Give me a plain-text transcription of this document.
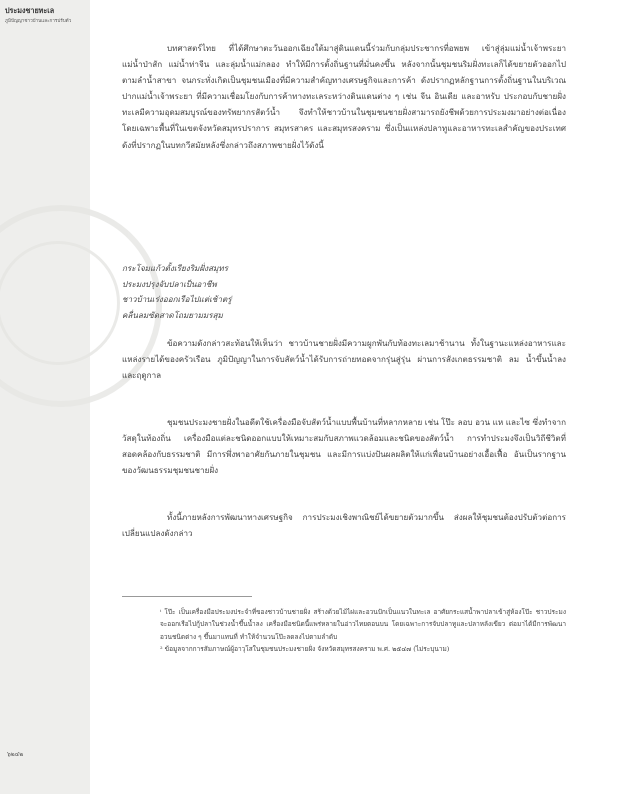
ประมงชายทะเล
ภูมิปัญญาชาวบ้านและการปรับตัว
๖๒๔๒

บทศาสตร์ไทย ที่ได้ศึกษาตะวันออกเฉียงใต้มาสู่ดินแดนนี้ร่วมกับกลุ่มประชากรที่อพยพ เข้าสู่ลุ่มแม่น้ำเจ้าพระยา แม่น้ำป่าสัก แม่น้ำท่าจีน และลุ่มน้ำแม่กลอง ทำให้มีการตั้งถิ่นฐานที่มั่นคงขึ้น หลังจากนั้นชุมชนริมฝั่งทะเลก็ได้ขยายตัวออกไปตามลำน้ำสาขา จนกระทั่งเกิดเป็นชุมชนเมืองที่มีความสำคัญทางเศรษฐกิจและการค้า ดังปรากฏหลักฐานการตั้งถิ่นฐานในบริเวณปากแม่น้ำเจ้าพระยา ที่มีความเชื่อมโยงกับการค้าทางทะเลระหว่างดินแดนต่าง ๆ เช่น จีน อินเดีย และอาหรับ ประกอบกับชายฝั่งทะเลมีความอุดมสมบูรณ์ของทรัพยากรสัตว์น้ำ จึงทำให้ชาวบ้านในชุมชนชายฝั่งสามารถยังชีพด้วยการประมงมาอย่างต่อเนื่อง โดยเฉพาะพื้นที่ในเขตจังหวัดสมุทรปราการ สมุทรสาคร และสมุทรสงคราม ซึ่งเป็นแหล่งปลาทูและอาหารทะเลสำคัญของประเทศ ดังที่ปรากฏในบทกวีสมัยหลังซึ่งกล่าวถึงสภาพชายฝั่งไว้ดังนี้

กระโจมแก้วตั้งเรียงริมฝั่งสมุทร
ประมงปรุงจับปลาเป็นอาชีพ
ชาวบ้านเร่งออกเรือไปแต่เช้าตรู่
คลื่นลมซัดสาดโถมยามมรสุม

ข้อความดังกล่าวสะท้อนให้เห็นว่า ชาวบ้านชายฝั่งมีความผูกพันกับท้องทะเลมาช้านาน ทั้งในฐานะแหล่งอาหารและแหล่งรายได้ของครัวเรือน ภูมิปัญญาในการจับสัตว์น้ำได้รับการถ่ายทอดจากรุ่นสู่รุ่น ผ่านการสังเกตธรรมชาติ ลม น้ำขึ้นน้ำลง และฤดูกาล

ชุมชนประมงชายฝั่งในอดีตใช้เครื่องมือจับสัตว์น้ำแบบพื้นบ้านที่หลากหลาย เช่น โป๊ะ ลอบ อวน แห และไซ ซึ่งทำจากวัสดุในท้องถิ่น เครื่องมือแต่ละชนิดออกแบบให้เหมาะสมกับสภาพแวดล้อมและชนิดของสัตว์น้ำ การทำประมงจึงเป็นวิถีชีวิตที่สอดคล้องกับธรรมชาติ มีการพึ่งพาอาศัยกันภายในชุมชน และมีการแบ่งปันผลผลิตให้แก่เพื่อนบ้านอย่างเอื้อเฟื้อ อันเป็นรากฐานของวัฒนธรรมชุมชนชายฝั่ง

ทั้งนี้ภายหลังการพัฒนาทางเศรษฐกิจ การประมงเชิงพาณิชย์ได้ขยายตัวมากขึ้น ส่งผลให้ชุมชนต้องปรับตัวต่อการเปลี่ยนแปลงดังกล่าว

ⁱ โป๊ะ เป็นเครื่องมือประมงประจำที่ของชาวบ้านชายฝั่ง สร้างด้วยไม้ไผ่และอวนปักเป็นแนวในทะเล อาศัยกระแสน้ำพาปลาเข้าสู่ห้องโป๊ะ ชาวประมงจะออกเรือไปกู้ปลาในช่วงน้ำขึ้นน้ำลง เครื่องมือชนิดนี้แพร่หลายในอ่าวไทยตอนบน โดยเฉพาะการจับปลาทูและปลาหลังเขียว ต่อมาได้มีการพัฒนาอวนชนิดต่าง ๆ ขึ้นมาแทนที่ ทำให้จำนวนโป๊ะลดลงไปตามลำดับ

² ข้อมูลจากการสัมภาษณ์ผู้อาวุโสในชุมชนประมงชายฝั่ง จังหวัดสมุทรสงคราม พ.ศ. ๒๕๔๗ (ไม่ระบุนาม)
